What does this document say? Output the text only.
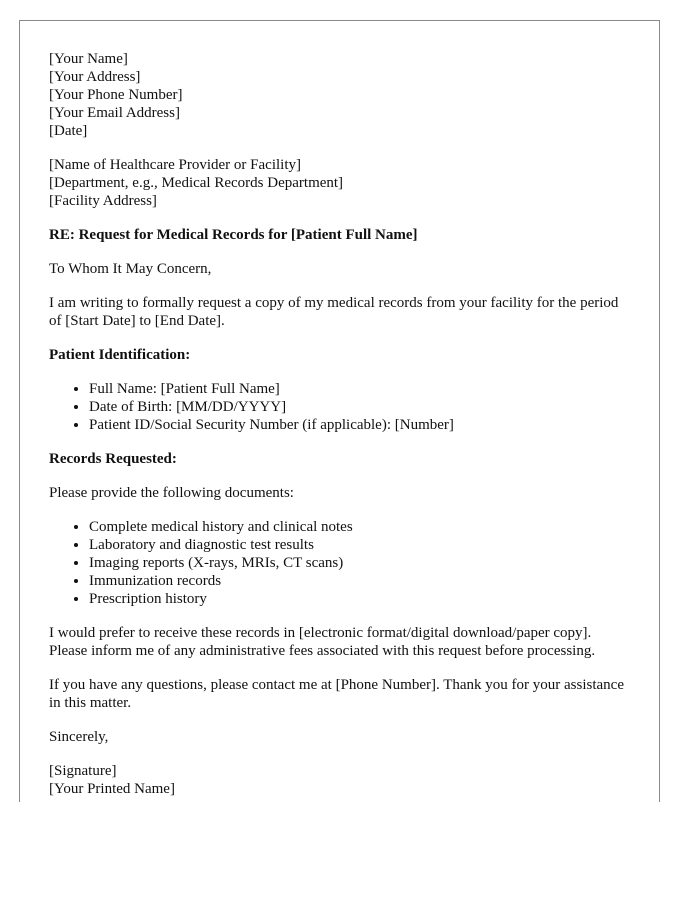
[Your Name]
[Your Address]
[Your Phone Number]
[Your Email Address]
[Date]
[Name of Healthcare Provider or Facility]
[Department, e.g., Medical Records Department]
[Facility Address]

RE: Request for Medical Records for [Patient Full Name]

To Whom It May Concern,

I am writing to formally request a copy of my medical records from your facility for the period of [Start Date] to [End Date].

Patient Identification:

• Full Name: [Patient Full Name]
• Date of Birth: [MM/DD/YYYY]
• Patient ID/Social Security Number (if applicable): [Number]

Records Requested:

Please provide the following documents:

• Complete medical history and clinical notes
• Laboratory and diagnostic test results
• Imaging reports (X-rays, MRIs, CT scans)
• Immunization records
• Prescription history

I would prefer to receive these records in [electronic format/digital download/paper copy]. Please inform me of any administrative fees associated with this request before processing.

If you have any questions, please contact me at [Phone Number]. Thank you for your assistance in this matter.

Sincerely,

[Signature]
[Your Printed Name]
